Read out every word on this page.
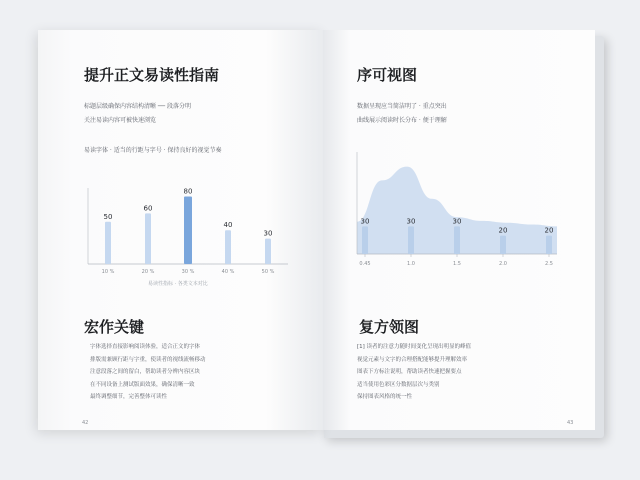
提升正文易读性指南
标题层级确保内容结构清晰 ── 段落分明
关注易读内容可被快速浏览
易读字体 · 适当的行距与字号 · 保持良好的视觉节奏
50
10 %
60
20 %
80
30 %
40
40 %
30
50 %
易读性指标 · 各类文本对比
宏作关键
字体选择直接影响阅读体验，适合正文的字体
排版需兼顾行距与字重，使读者的视线流畅移动
注意段落之间的留白，帮助读者分辨内容区块
在不同设备上测试版面效果，确保清晰一致
最终调整细节，完善整体可读性
42
序可视图
数据呈现应当简洁明了 · 重点突出
曲线展示阅读时长分布 · 便于理解
30
0.45
30
1.0
30
1.5
20
2.0
20
2.5
复方领图
[1] 读者的注意力随时间变化呈现出明显的峰值
视觉元素与文字的合理搭配能够提升理解效率
图表下方标注说明，帮助读者快速把握要点
适当使用色彩区分数据层次与类别
保持图表风格的统一性
43
